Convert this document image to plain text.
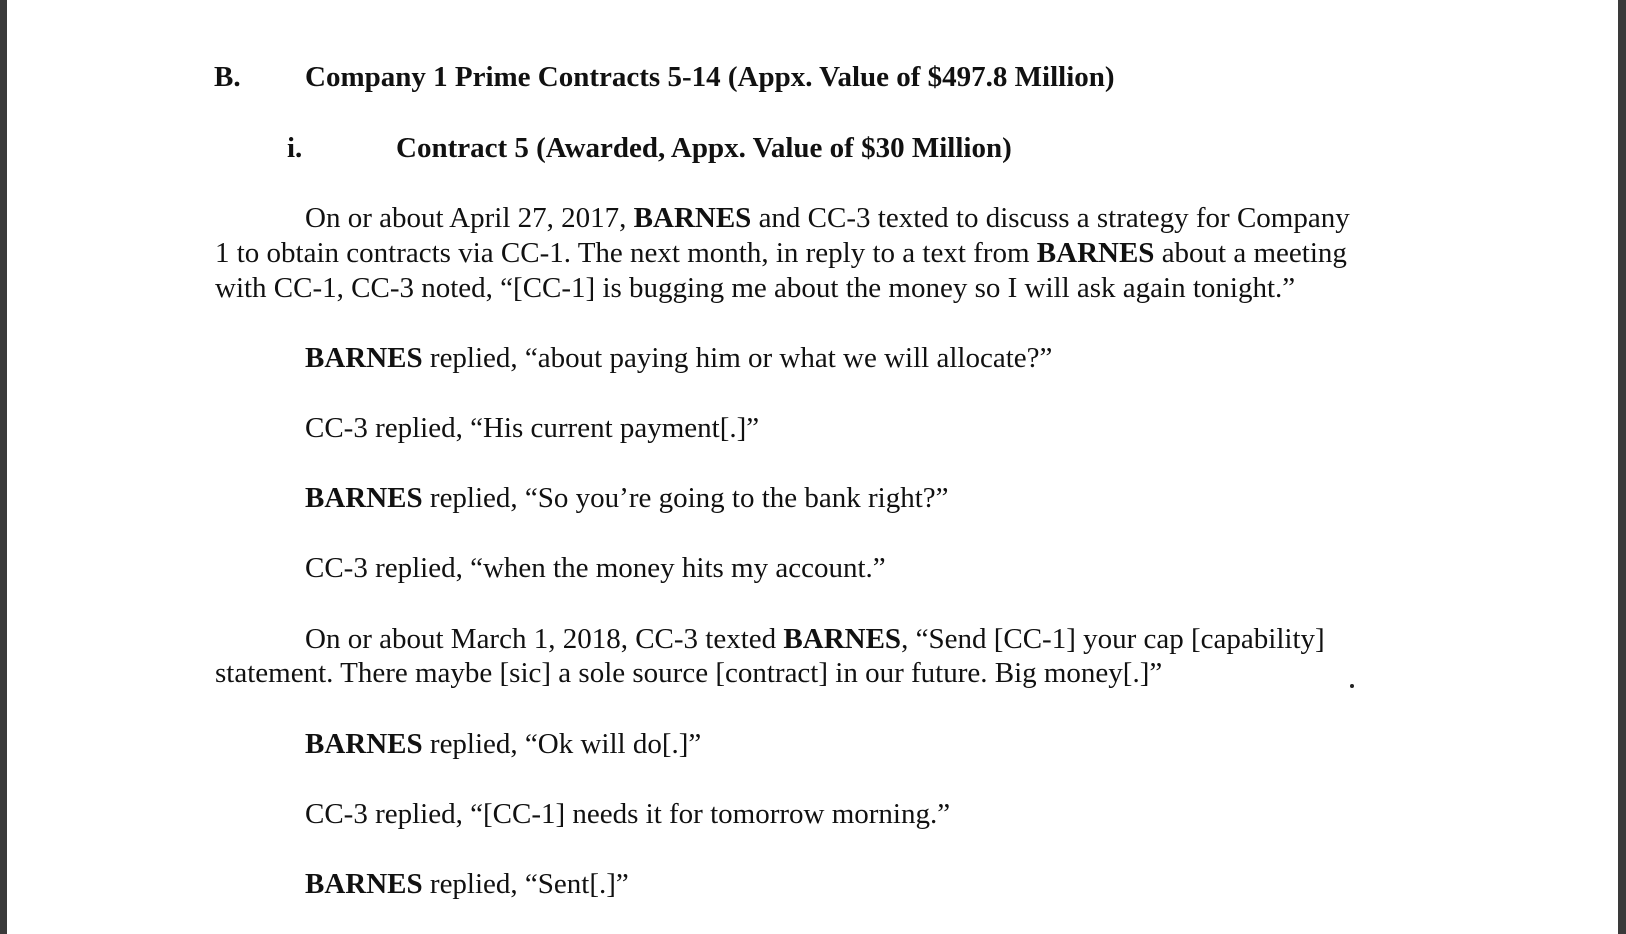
B. Company 1 Prime Contracts 5-14 (Appx. Value of $497.8 Million)
i.	Contract 5 (Awarded, Appx. Value of $30 Million)
On or about April 27, 2017, BARNES and CC-3 texted to discuss a strategy for Company
1 to obtain contracts via CC-1. The next month, in reply to a text from BARNES about a meeting
with CC-1, CC-3 noted, “[CC-1] is bugging me about the money so I will ask again tonight.”
BARNES replied, “about paying him or what we will allocate?”
CC-3 replied, “His current payment[.]”
BARNES replied, “So you’re going to the bank right?”
CC-3 replied, “when the money hits my account.”
On or about March 1, 2018, CC-3 texted BARNES, “Send [CC-1] your cap [capability]
statement. There maybe [sic] a sole source [contract] in our future. Big money[.]”
BARNES replied, “Ok will do[.]”
CC-3 replied, “[CC-1] needs it for tomorrow morning.”
BARNES replied, “Sent[.]”
